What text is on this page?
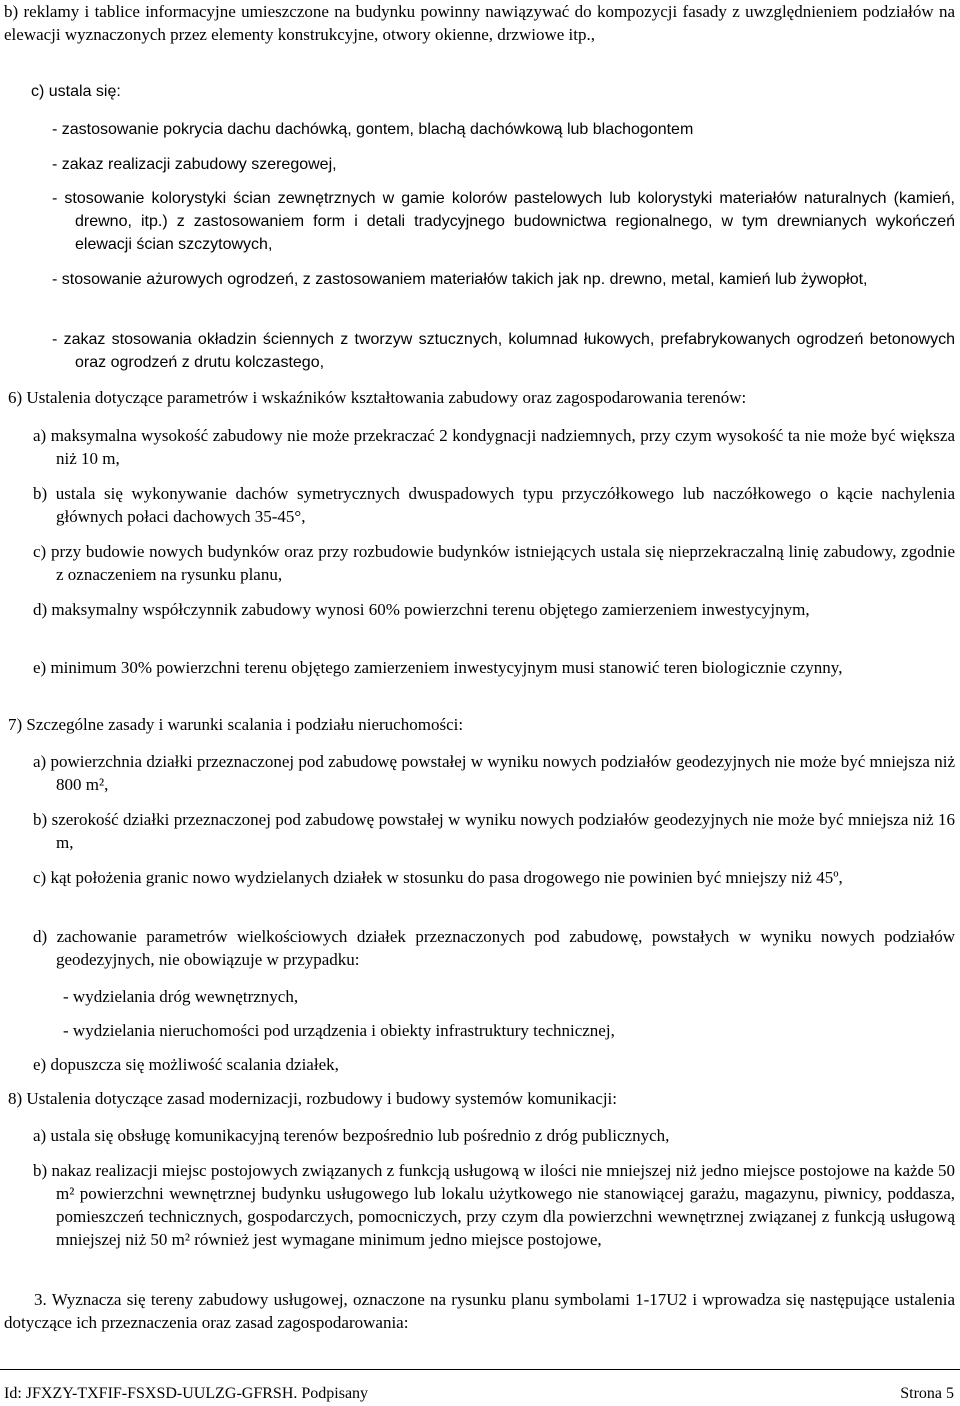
b) reklamy i tablice informacyjne umieszczone na budynku powinny nawiązywać do kompozycji fasady z uwzględnieniem podziałów na elewacji wyznaczonych przez elementy konstrukcyjne, otwory okienne, drzwiowe itp.,

c) ustala się:

- zastosowanie pokrycia dachu dachówką, gontem, blachą dachówkową lub blachogontem

- zakaz realizacji zabudowy szeregowej,

- stosowanie kolorystyki ścian zewnętrznych w gamie kolorów pastelowych lub kolorystyki materiałów naturalnych (kamień, drewno, itp.) z zastosowaniem form i detali tradycyjnego budownictwa regionalnego, w tym drewnianych wykończeń elewacji ścian szczytowych,

- stosowanie ażurowych ogrodzeń, z zastosowaniem materiałów takich jak np. drewno, metal, kamień lub żywopłot,

- zakaz stosowania okładzin ściennych z tworzyw sztucznych, kolumnad łukowych, prefabrykowanych ogrodzeń betonowych oraz ogrodzeń z drutu kolczastego,

6) Ustalenia dotyczące parametrów i wskaźników kształtowania zabudowy oraz zagospodarowania terenów:

a) maksymalna wysokość zabudowy nie może przekraczać 2 kondygnacji nadziemnych, przy czym wysokość ta nie może być większa niż 10 m,

b) ustala się wykonywanie dachów symetrycznych dwuspadowych typu przyczółkowego lub naczółkowego o kącie nachylenia głównych połaci dachowych 35-45°,

c) przy budowie nowych budynków oraz przy rozbudowie budynków istniejących ustala się nieprzekraczalną linię zabudowy, zgodnie z oznaczeniem na rysunku planu,

d) maksymalny współczynnik zabudowy wynosi 60% powierzchni terenu objętego zamierzeniem inwestycyjnym,

e) minimum 30% powierzchni terenu objętego zamierzeniem inwestycyjnym musi stanowić teren biologicznie czynny,

7) Szczególne zasady i warunki scalania i podziału nieruchomości:

a) powierzchnia działki przeznaczonej pod zabudowę powstałej w wyniku nowych podziałów geodezyjnych nie może być mniejsza niż 800 m²,

b) szerokość działki przeznaczonej pod zabudowę powstałej w wyniku nowych podziałów geodezyjnych nie może być mniejsza niż 16 m,

c) kąt położenia granic nowo wydzielanych działek w stosunku do pasa drogowego nie powinien być mniejszy niż 45º,

d) zachowanie parametrów wielkościowych działek przeznaczonych pod zabudowę, powstałych w wyniku nowych podziałów geodezyjnych, nie obowiązuje w przypadku:

- wydzielania dróg wewnętrznych,

- wydzielania nieruchomości pod urządzenia i obiekty infrastruktury technicznej,

e) dopuszcza się możliwość scalania działek,

8) Ustalenia dotyczące zasad modernizacji, rozbudowy i budowy systemów komunikacji:

a) ustala się obsługę komunikacyjną terenów bezpośrednio lub pośrednio z dróg publicznych,

b) nakaz realizacji miejsc postojowych związanych z funkcją usługową w ilości nie mniejszej niż jedno miejsce postojowe na każde 50 m² powierzchni wewnętrznej budynku usługowego lub lokalu użytkowego nie stanowiącej garażu, magazynu, piwnicy, poddasza, pomieszczeń technicznych, gospodarczych, pomocniczych, przy czym dla powierzchni wewnętrznej związanej z funkcją usługową mniejszej niż 50 m² również jest wymagane minimum jedno miejsce postojowe,

3. Wyznacza się tereny zabudowy usługowej, oznaczone na rysunku planu symbolami 1-17U2 i wprowadza się następujące ustalenia dotyczące ich przeznaczenia oraz zasad zagospodarowania:

Id: JFXZY-TXFIF-FSXSD-UULZG-GFRSH. Podpisany	Strona 5
